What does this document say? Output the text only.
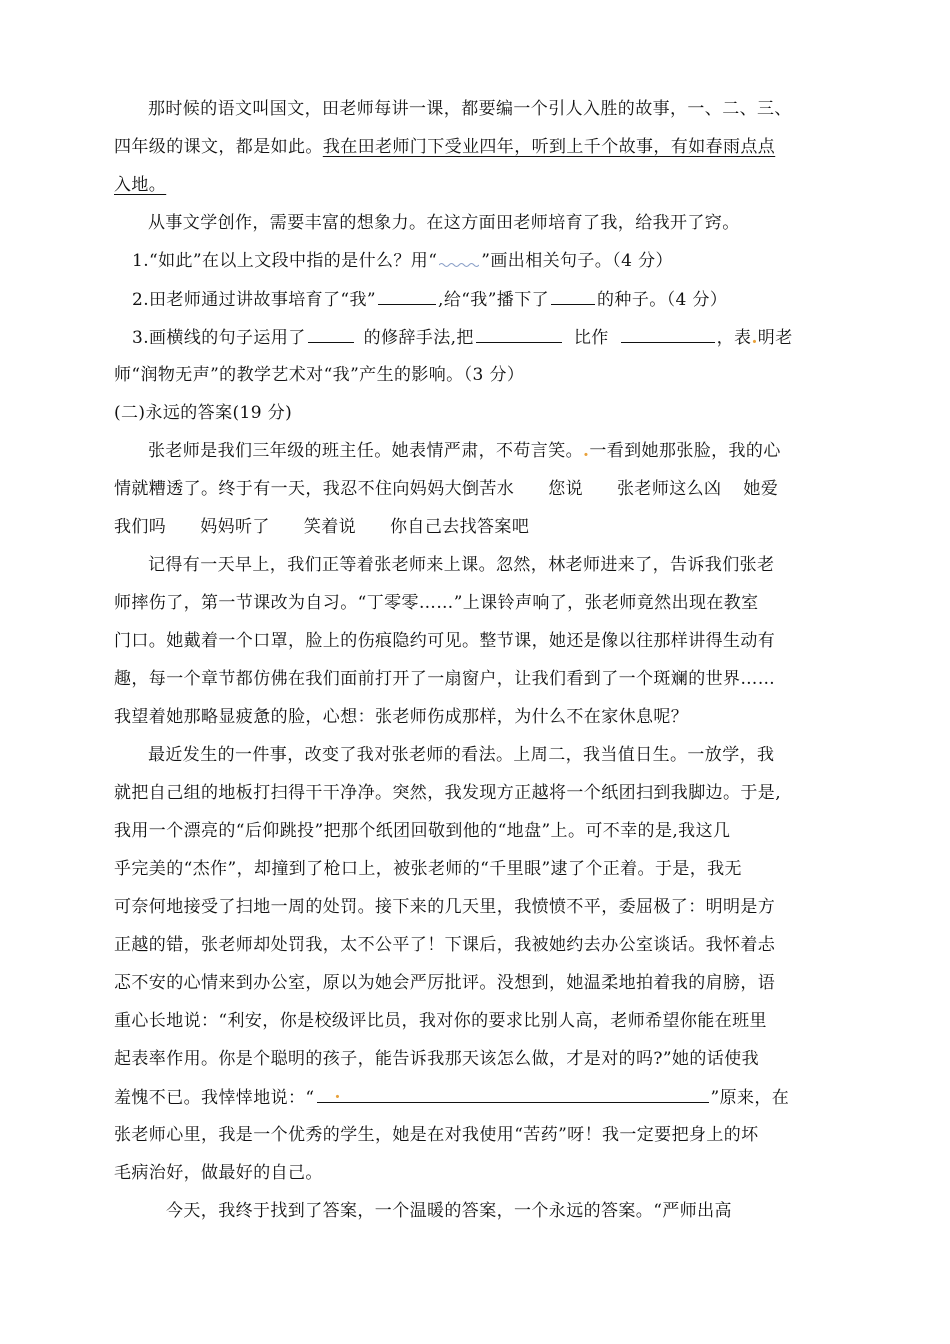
那时候的语文叫国文，田老师每讲一课，都要编一个引人入胜的故事，一、二、三、
四年级的课文，都是如此。我在田老师门下受业四年，听到上千个故事，有如春雨点点
入地。
从事文学创作，需要丰富的想象力。在这方面田老师培育了我，给我开了窍。
1.“如此”在以上文段中指的是什么？用“	”画出相关句子。（4 分）
2.田老师通过讲故事培育了“我”	,给“我”播下了	的种子。（4 分）
3.画横线的句子运用了	的修辞手法,把	比作	，表.明老
师“润物无声”的教学艺术对“我”产生的影响。（3 分）
(二)永远的答案(19 分)
张老师是我们三年级的班主任。她表情严肃，不苟言笑。.一看到她那张脸，我的心
情就糟透了。终于有一天，我忍不住向妈妈大倒苦水 您说 张老师这么凶 她爱
我们吗 妈妈听了 笑着说 你自己去找答案吧
记得有一天早上，我们正等着张老师来上课。忽然，林老师进来了，告诉我们张老
师摔伤了，第一节课改为自习。“丁零零……”上课铃声响了，张老师竟然出现在教室
门口。她戴着一个口罩，脸上的伤痕隐约可见。整节课，她还是像以往那样讲得生动有
趣，每一个章节都仿佛在我们面前打开了一扇窗户，让我们看到了一个斑斓的世界……
我望着她那略显疲惫的脸，心想：张老师伤成那样，为什么不在家休息呢？
最近发生的一件事，改变了我对张老师的看法。上周二，我当值日生。一放学，我
就把自己组的地板打扫得干干净净。突然，我发现方正越将一个纸团扫到我脚边。于是,
我用一个漂亮的“后仰跳投”把那个纸团回敬到他的“地盘”上。可不幸的是,我这几
乎完美的“杰作”，却撞到了枪口上，被张老师的“千里眼”逮了个正着。于是，我无
可奈何地接受了扫地一周的处罚。接下来的几天里，我愤愤不平，委屈极了：明明是方
正越的错，张老师却处罚我，太不公平了！下课后，我被她约去办公室谈话。我怀着忐
忑不安的心情来到办公室，原以为她会严厉批评。没想到，她温柔地拍着我的肩膀，语
重心长地说：“利安，你是校级评比员，我对你的要求比别人高，老师希望你能在班里
起表率作用。你是个聪明的孩子，能告诉我那天该怎么做，才是对的吗?”她的话使我
羞愧不已。我悻悻地说：“ .	”原来，在
张老师心里，我是一个优秀的学生，她是在对我使用“苦药”呀！我一定要把身上的坏
毛病治好，做最好的自己。
今天，我终于找到了答案，一个温暖的答案，一个永远的答案。“严师出高
